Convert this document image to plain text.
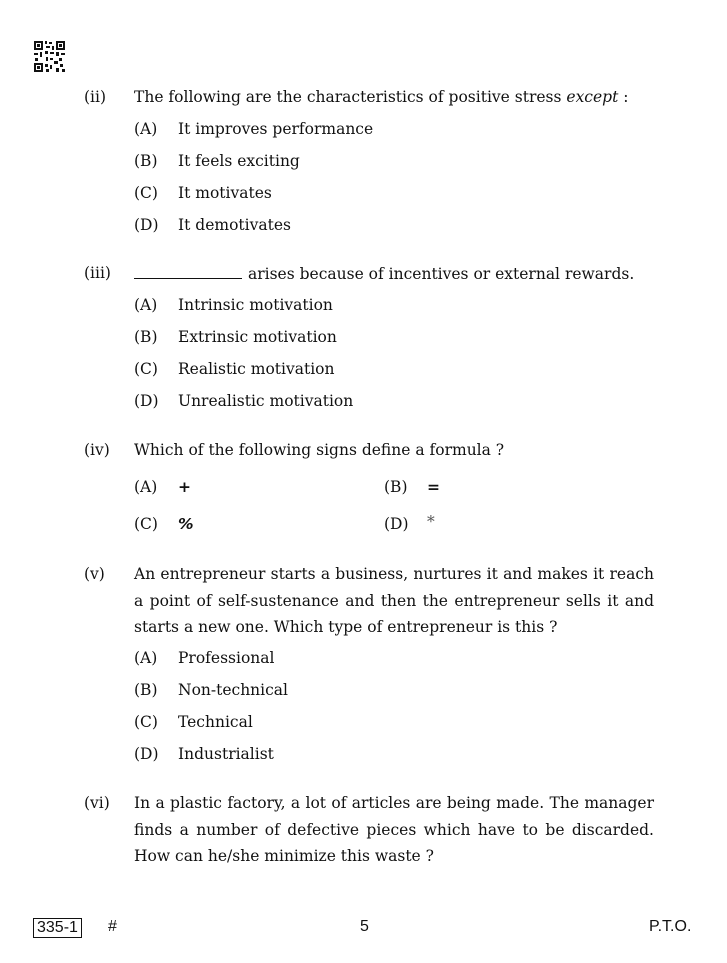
(ii) The following are the characteristics of positive stress except :
(A) It improves performance
(B) It feels exciting
(C) It motivates
(D) It demotivates
(iii)	arises because of incentives or external rewards.
(A) Intrinsic motivation
(B) Extrinsic motivation
(C) Realistic motivation
(D) Unrealistic motivation
(iv) Which of the following signs define a formula ?
(A) +	(B) =
(C) %	(D) *
(v) An entrepreneur starts a business, nurtures it and makes it reach a point of self-sustenance and then the entrepreneur sells it and starts a new one. Which type of entrepreneur is this ?
(A) Professional
(B) Non-technical
(C) Technical
(D) Industrialist
(vi) In a plastic factory, a lot of articles are being made. The manager finds a number of defective pieces which have to be discarded. How can he/she minimize this waste ?
335-1 #	5	P.T.O.
